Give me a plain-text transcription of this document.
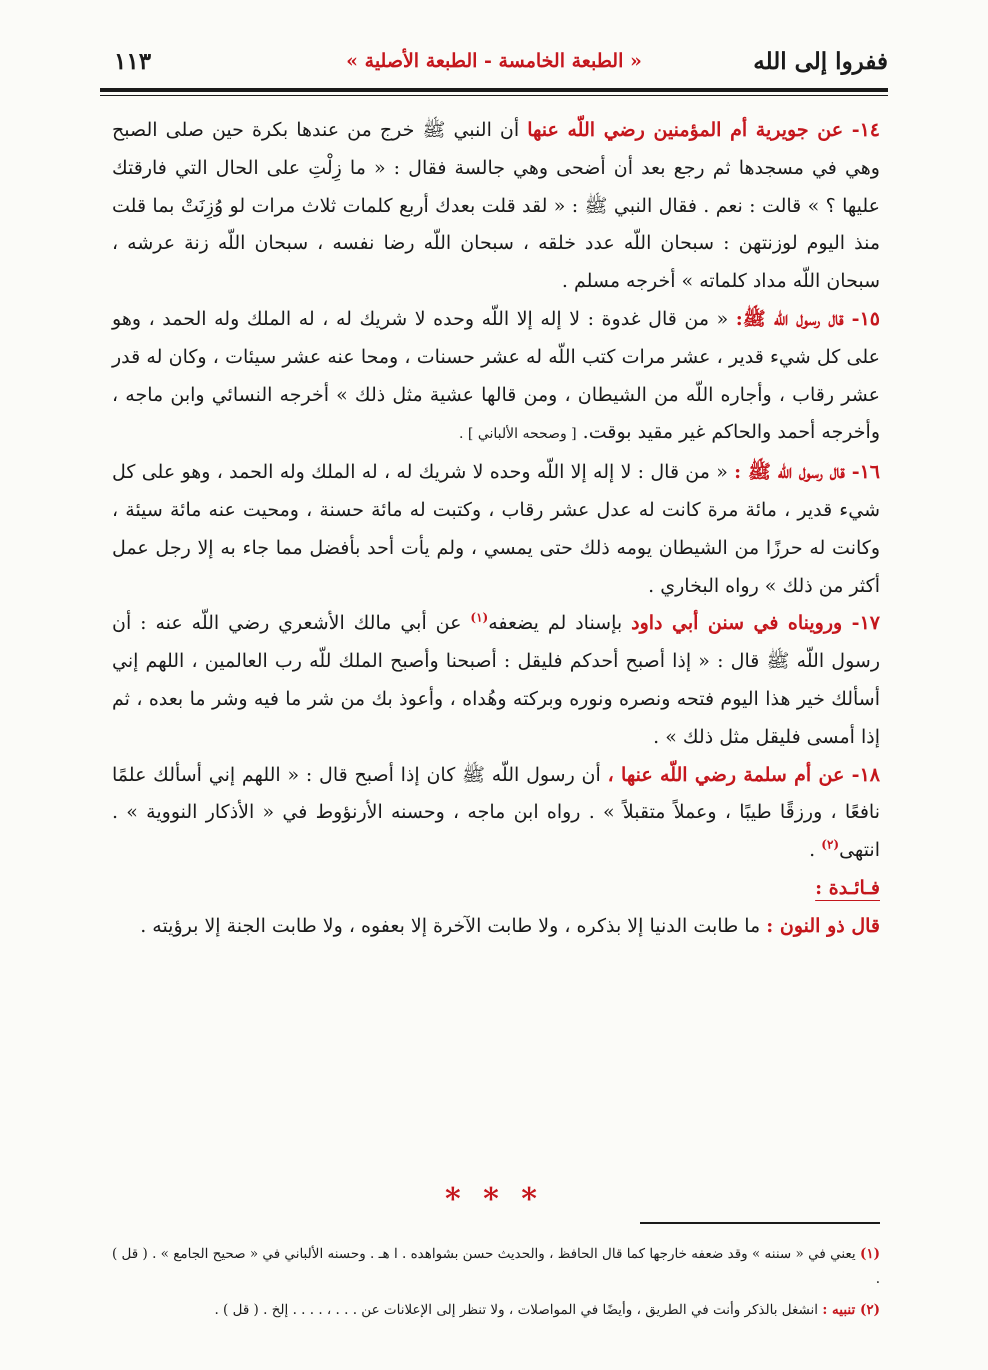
ففروا إلى الله
« الطبعة الخامسة - الطبعة الأصلية »
١١٣

١٤- عن جويرية أم المؤمنين رضي اللّه عنها أن النبي ﷺ خرج من عندها بكرة حين صلى الصبح وهي في مسجدها ثم رجع بعد أن أضحى وهي جالسة فقال : « ما زِلْتِ على الحال التي فارقتك عليها ؟ » قالت : نعم . فقال النبي ﷺ : « لقد قلت بعدك أربع كلمات ثلاث مرات لو وُزِنَتْ بما قلت منذ اليوم لوزنتهن : سبحان اللّه عدد خلقه ، سبحان اللّه رضا نفسه ، سبحان اللّه زنة عرشه ، سبحان اللّه مداد كلماته » أخرجه مسلم .

١٥- قال رسول اللّه ﷺ: « من قال غدوة : لا إله إلا اللّه وحده لا شريك له ، له الملك وله الحمد ، وهو على كل شيء قدير ، عشر مرات كتب اللّه له عشر حسنات ، ومحا عنه عشر سيئات ، وكان له قدر عشر رقاب ، وأجاره اللّه من الشيطان ، ومن قالها عشية مثل ذلك » أخرجه النسائي وابن ماجه ، وأخرجه أحمد والحاكم غير مقيد بوقت. [ وصححه الألباني ] .

١٦- قال رسول اللّه ﷺ : « من قال : لا إله إلا اللّه وحده لا شريك له ، له الملك وله الحمد ، وهو على كل شيء قدير ، مائة مرة كانت له عدل عشر رقاب ، وكتبت له مائة حسنة ، ومحيت عنه مائة سيئة ، وكانت له حرزًا من الشيطان يومه ذلك حتى يمسي ، ولم يأت أحد بأفضل مما جاء به إلا رجل عمل أكثر من ذلك » رواه البخاري .

١٧- ورويناه في سنن أبي داود بإسناد لم يضعفه$^{(١)}$ عن أبي مالك الأشعري رضي اللّه عنه : أن رسول اللّه ﷺ قال : « إذا أصبح أحدكم فليقل : أصبحنا وأصبح الملك للّه رب العالمين ، اللهم إني أسألك خير هذا اليوم فتحه ونصره ونوره وبركته وهُداه ، وأعوذ بك من شر ما فيه وشر ما بعده ، ثم إذا أمسى فليقل مثل ذلك » .

١٨- عن أم سلمة رضي اللّه عنها ، أن رسول اللّه ﷺ كان إذا أصبح قال : « اللهم إني أسألك علمًا نافعًا ، ورزقًا طيبًا ، وعملاً متقبلاً » . رواه ابن ماجه ، وحسنه الأرنؤوط في « الأذكار النووية » . انتهى$^{(٢)}$ .

فـائـدة :

قال ذو النون : ما طابت الدنيا إلا بذكره ، ولا طابت الآخرة إلا بعفوه ، ولا طابت الجنة إلا برؤيته .

* * *

(١) يعني في « سننه » وقد ضعفه خارجها كما قال الحافظ ، والحديث حسن بشواهده . ا هـ . وحسنه الألباني في « صحيح الجامع » . ( قل ) .

(٢) تنبيه : انشغل بالذكر وأنت في الطريق ، وأيضًا في المواصلات ، ولا تنظر إلى الإعلانات عن . . . ، . . . . إلخ . ( قل ) .
